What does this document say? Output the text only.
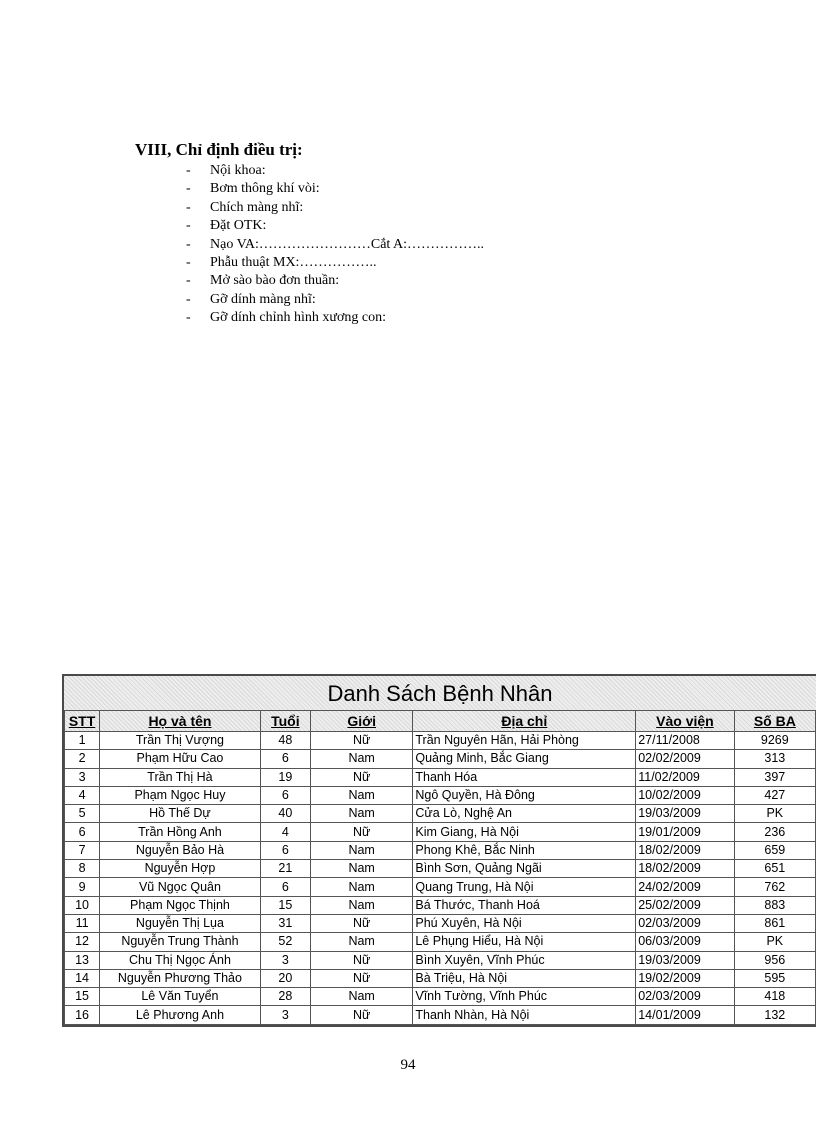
VIII, Chỉ định điều trị:
-	Nội khoa:
-	Bơm thông khí vòi:
-	Chích màng nhĩ:
-	Đặt OTK:
-	Nạo VA:……………………Cắt A:……………..
-	Phẫu thuật MX:……………..
-	Mở sào bào đơn thuần:
-	Gỡ dính màng nhĩ:
-	Gỡ dính chỉnh hình xương con:
Danh Sách Bệnh Nhân
STT	Họ và tên	Tuổi	Giới	Địa chỉ	Vào viện	Số BA
1	Trần Thị Vượng	48	Nữ	Trần Nguyên Hãn, Hải Phòng	27/11/2008	9269
2	Phạm Hữu Cao	6	Nam	Quảng Minh, Bắc Giang	02/02/2009	313
3	Trần Thị Hà	19	Nữ	Thanh Hóa	11/02/2009	397
4	Phạm Ngọc Huy	6	Nam	Ngô Quyền, Hà Đông	10/02/2009	427
5	Hồ Thế Dự	40	Nam	Cửa Lò, Nghệ An	19/03/2009	PK
6	Trần Hồng Anh	4	Nữ	Kim Giang, Hà Nội	19/01/2009	236
7	Nguyễn Bảo Hà	6	Nam	Phong Khê, Bắc Ninh	18/02/2009	659
8	Nguyễn Hợp	21	Nam	Bình Sơn, Quảng Ngãi	18/02/2009	651
9	Vũ Ngọc Quân	6	Nam	Quang Trung, Hà Nội	24/02/2009	762
10	Phạm Ngọc Thịnh	15	Nam	Bá Thước, Thanh Hoá	25/02/2009	883
11	Nguyễn Thị Lụa	31	Nữ	Phú Xuyên, Hà Nội	02/03/2009	861
12	Nguyễn Trung Thành	52	Nam	Lê Phụng Hiểu, Hà Nội	06/03/2009	PK
13	Chu Thị Ngọc Ánh	3	Nữ	Bình Xuyên, Vĩnh Phúc	19/03/2009	956
14	Nguyễn Phương Thảo	20	Nữ	Bà Triệu, Hà Nội	19/02/2009	595
15	Lê Văn Tuyển	28	Nam	Vĩnh Tường, Vĩnh Phúc	02/03/2009	418
16	Lê Phương Anh	3	Nữ	Thanh Nhàn, Hà Nội	14/01/2009	132
94
